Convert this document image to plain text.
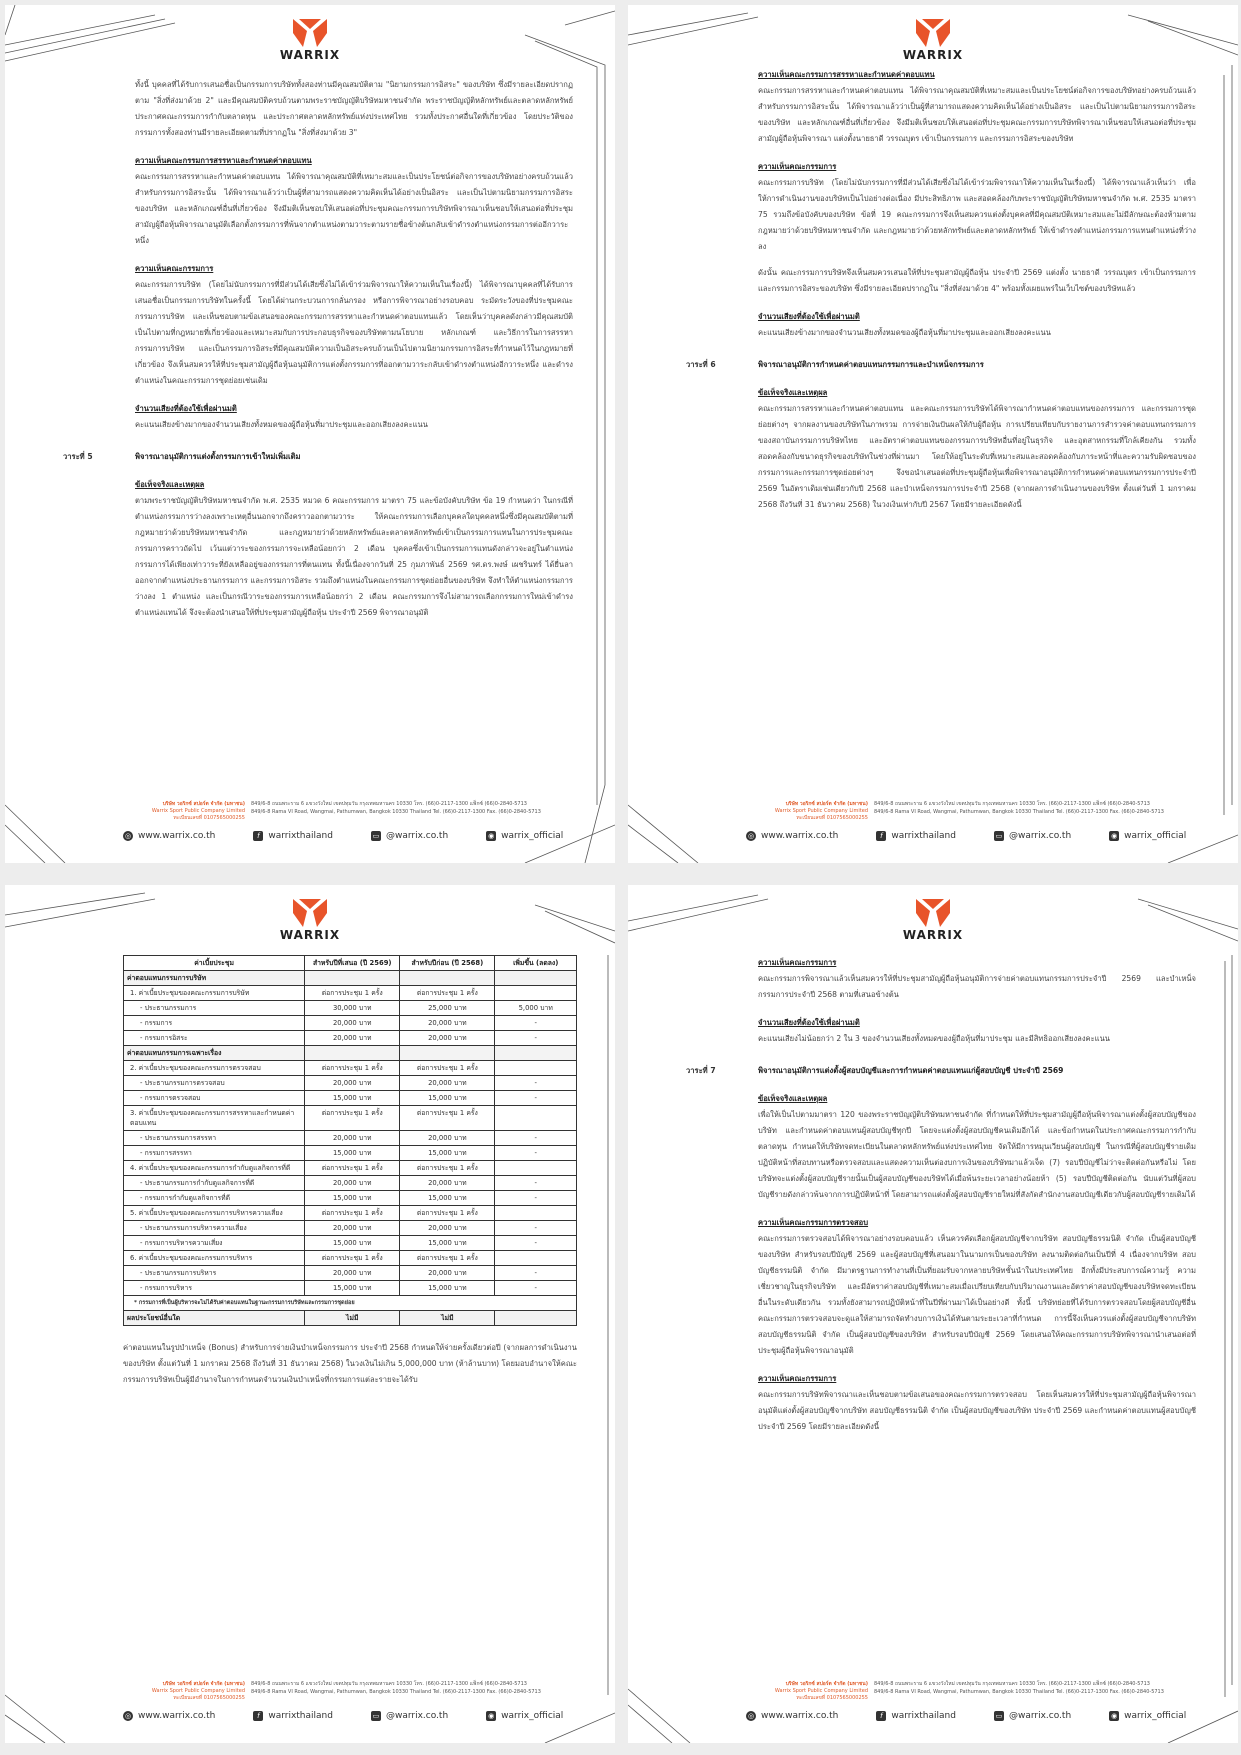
WARRIX

ทั้งนี้ บุคคลที่ได้รับการเสนอชื่อเป็นกรรมการบริษัททั้งสองท่านมีคุณสมบัติตาม "นิยามกรรมการอิสระ" ของบริษัท ซึ่งมีรายละเอียดปรากฏตาม "สิ่งที่ส่งมาด้วย 2" และมีคุณสมบัติครบถ้วนตามพระราชบัญญัติบริษัทมหาชนจำกัด พระราชบัญญัติหลักทรัพย์และตลาดหลักทรัพย์ ประกาศคณะกรรมการกำกับตลาดทุน และประกาศตลาดหลักทรัพย์แห่งประเทศไทย รวมทั้งประกาศอื่นใดที่เกี่ยวข้อง โดยประวัติของกรรมการทั้งสองท่านมีรายละเอียดตามที่ปรากฏใน "สิ่งที่ส่งมาด้วย 3"

ความเห็นคณะกรรมการสรรหาและกำหนดค่าตอบแทน

คณะกรรมการสรรหาและกำหนดค่าตอบแทน ได้พิจารณาคุณสมบัติที่เหมาะสมและเป็นประโยชน์ต่อกิจการของบริษัทอย่างครบถ้วนแล้ว สำหรับกรรมการอิสระนั้น ได้พิจารณาแล้วว่าเป็นผู้ที่สามารถแสดงความคิดเห็นได้อย่างเป็นอิสระ และเป็นไปตามนิยามกรรมการอิสระของบริษัท และหลักเกณฑ์อื่นที่เกี่ยวข้อง จึงมีมติเห็นชอบให้เสนอต่อที่ประชุมคณะกรรมการบริษัทพิจารณาเห็นชอบให้เสนอต่อที่ประชุมสามัญผู้ถือหุ้นพิจารณาอนุมัติเลือกตั้งกรรมการที่พ้นจากตำแหน่งตามวาระตามรายชื่อข้างต้นกลับเข้าดำรงตำแหน่งกรรมการต่ออีกวาระหนึ่ง

ความเห็นคณะกรรมการ

คณะกรรมการบริษัท (โดยไม่นับกรรมการที่มีส่วนได้เสียซึ่งไม่ได้เข้าร่วมพิจารณาให้ความเห็นในเรื่องนี้) ได้พิจารณาบุคคลที่ได้รับการเสนอชื่อเป็นกรรมการบริษัทในครั้งนี้ โดยได้ผ่านกระบวนการกลั่นกรอง หรือการพิจารณาอย่างรอบคอบ ระมัดระวังของที่ประชุมคณะกรรมการบริษัท และเห็นชอบตามข้อเสนอของคณะกรรมการสรรหาและกำหนดค่าตอบแทนแล้ว โดยเห็นว่าบุคคลดังกล่าวมีคุณสมบัติเป็นไปตามที่กฎหมายที่เกี่ยวข้องและเหมาะสมกับการประกอบธุรกิจของบริษัทตามนโยบาย หลักเกณฑ์ และวิธีการในการสรรหากรรมการบริษัท และเป็นกรรมการอิสระที่มีคุณสมบัติความเป็นอิสระครบถ้วนเป็นไปตามนิยามกรรมการอิสระที่กำหนดไว้ในกฎหมายที่เกี่ยวข้อง จึงเห็นสมควรให้ที่ประชุมสามัญผู้ถือหุ้นอนุมัติการแต่งตั้งกรรมการที่ออกตามวาระกลับเข้าดำรงตำแหน่งอีกวาระหนึ่ง และดำรงตำแหน่งในคณะกรรมการชุดย่อยเช่นเดิม

จำนวนเสียงที่ต้องใช้เพื่อผ่านมติ

คะแนนเสียงข้างมากของจำนวนเสียงทั้งหมดของผู้ถือหุ้นที่มาประชุมและออกเสียงลงคะแนน

วาระที่ 5	พิจารณาอนุมัติการแต่งตั้งกรรมการเข้าใหม่เพิ่มเติม
ข้อเท็จจริงและเหตุผล

ตามพระราชบัญญัติบริษัทมหาชนจำกัด พ.ศ. 2535 หมวด 6 คณะกรรมการ มาตรา 75 และข้อบังคับบริษัท ข้อ 19 กำหนดว่า ในกรณีที่ตำแหน่งกรรมการว่างลงเพราะเหตุอื่นนอกจากถึงคราวออกตามวาระ ให้คณะกรรมการเลือกบุคคลใดบุคคลหนึ่งซึ่งมีคุณสมบัติตามที่กฎหมายว่าด้วยบริษัทมหาชนจำกัด และกฎหมายว่าด้วยหลักทรัพย์และตลาดหลักทรัพย์เข้าเป็นกรรมการแทนในการประชุมคณะกรรมการคราวถัดไป เว้นแต่วาระของกรรมการจะเหลือน้อยกว่า 2 เดือน บุคคลซึ่งเข้าเป็นกรรมการแทนดังกล่าวจะอยู่ในตำแหน่งกรรมการได้เพียงเท่าวาระที่ยังเหลืออยู่ของกรรมการที่ตนแทน ทั้งนี้เนื่องจากวันที่ 25 กุมภาพันธ์ 2569 รศ.ดร.พงษ์ เผชรินทร์ ได้ยื่นลาออกจากตำแหน่งประธานกรรมการ และกรรมการอิสระ รวมถึงตำแหน่งในคณะกรรมการชุดย่อยอื่นของบริษัท จึงทำให้ตำแหน่งกรรมการว่างลง 1 ตำแหน่ง และเป็นกรณีวาระของกรรมการเหลือน้อยกว่า 2 เดือน คณะกรรมการจึงไม่สามารถเลือกกรรมการใหม่เข้าดำรงตำแหน่งแทนได้ จึงจะต้องนำเสนอให้ที่ประชุมสามัญผู้ถือหุ้น ประจำปี 2569 พิจารณาอนุมัติ

บริษัท วอริกซ์ สปอร์ต จำกัด (มหาชน)
Warrix Sport Public Company Limited
ทะเบียนเลขที่ 0107565000255
849/6-8 ถนนพระราม 6 แขวงวังใหม่ เขตปทุมวัน กรุงเทพมหานคร 10330 โทร. (66)0-2117-1300 แฟ็กซ์ (66)0-2840-5713
849/6-8 Rama VI Road, Wangmai, Pathumwan, Bangkok 10330 Thailand Tel. (66)0-2117-1300 Fax. (66)0-2840-5713
◎ www.warrix.co.th	f warrixthailand	▭ @warrix.co.th	◉ warrix_official
WARRIX
ความเห็นคณะกรรมการสรรหาและกำหนดค่าตอบแทน

คณะกรรมการสรรหาและกำหนดค่าตอบแทน ได้พิจารณาคุณสมบัติที่เหมาะสมและเป็นประโยชน์ต่อกิจการของบริษัทอย่างครบถ้วนแล้ว สำหรับกรรมการอิสระนั้น ได้พิจารณาแล้วว่าเป็นผู้ที่สามารถแสดงความคิดเห็นได้อย่างเป็นอิสระ และเป็นไปตามนิยามกรรมการอิสระของบริษัท และหลักเกณฑ์อื่นที่เกี่ยวข้อง จึงมีมติเห็นชอบให้เสนอต่อที่ประชุมคณะกรรมการบริษัทพิจารณาเห็นชอบให้เสนอต่อที่ประชุมสามัญผู้ถือหุ้นพิจารณา แต่งตั้งนายธาดี วรรณบุตร เข้าเป็นกรรมการ และกรรมการอิสระของบริษัท

ความเห็นคณะกรรมการ

คณะกรรมการบริษัท (โดยไม่นับกรรมการที่มีส่วนได้เสียซึ่งไม่ได้เข้าร่วมพิจารณาให้ความเห็นในเรื่องนี้) ได้พิจารณาแล้วเห็นว่า เพื่อให้การดำเนินงานของบริษัทเป็นไปอย่างต่อเนื่อง มีประสิทธิภาพ และสอดคล้องกับพระราชบัญญัติบริษัทมหาชนจำกัด พ.ศ. 2535 มาตรา 75 รวมถึงข้อบังคับของบริษัท ข้อที่ 19 คณะกรรมการจึงเห็นสมควรแต่งตั้งบุคคลที่มีคุณสมบัติเหมาะสมและไม่มีลักษณะต้องห้ามตามกฎหมายว่าด้วยบริษัทมหาชนจำกัด และกฎหมายว่าด้วยหลักทรัพย์และตลาดหลักทรัพย์ ให้เข้าดำรงตำแหน่งกรรมการแทนตำแหน่งที่ว่างลง

ดังนั้น คณะกรรมการบริษัทจึงเห็นสมควรเสนอให้ที่ประชุมสามัญผู้ถือหุ้น ประจำปี 2569 แต่งตั้ง นายธาดี วรรณบุตร เข้าเป็นกรรมการ และกรรมการอิสระของบริษัท ซึ่งมีรายละเอียดปรากฏใน "สิ่งที่ส่งมาด้วย 4" พร้อมทั้งเผยแพร่ในเว็บไซต์ของบริษัทแล้ว

จำนวนเสียงที่ต้องใช้เพื่อผ่านมติ

คะแนนเสียงข้างมากของจำนวนเสียงทั้งหมดของผู้ถือหุ้นที่มาประชุมและออกเสียงลงคะแนน

วาระที่ 6	พิจารณาอนุมัติการกำหนดค่าตอบแทนกรรมการและบำเหน็จกรรมการ
ข้อเท็จจริงและเหตุผล

คณะกรรมการสรรหาและกำหนดค่าตอบแทน และคณะกรรมการบริษัทได้พิจารณากำหนดค่าตอบแทนของกรรมการ และกรรมการชุดย่อยต่างๆ จากผลงานของบริษัทในภาพรวม การจ่ายเงินปันผลให้กับผู้ถือหุ้น การเปรียบเทียบกับรายงานการสำรวจค่าตอบแทนกรรมการของสถาบันกรรมการบริษัทไทย และอัตราค่าตอบแทนของกรรมการบริษัทอื่นที่อยู่ในธุรกิจ และอุตสาหกรรมที่ใกล้เคียงกัน รวมทั้งสอดคล้องกับขนาดธุรกิจของบริษัทในช่วงที่ผ่านมา โดยให้อยู่ในระดับที่เหมาะสมและสอดคล้องกับภาระหน้าที่และความรับผิดชอบของกรรมการและกรรมการชุดย่อยต่างๆ จึงขอนำเสนอต่อที่ประชุมผู้ถือหุ้นเพื่อพิจารณาอนุมัติการกำหนดค่าตอบแทนกรรมการประจำปี 2569 ในอัตราเดิมเช่นเดียวกับปี 2568 และบำเหน็จกรรมการประจำปี 2568 (จากผลการดำเนินงานของบริษัท ตั้งแต่วันที่ 1 มกราคม 2568 ถึงวันที่ 31 ธันวาคม 2568) ในวงเงินเท่ากับปี 2567 โดยมีรายละเอียดดังนี้

บริษัท วอริกซ์ สปอร์ต จำกัด (มหาชน)
Warrix Sport Public Company Limited
ทะเบียนเลขที่ 0107565000255
849/6-8 ถนนพระราม 6 แขวงวังใหม่ เขตปทุมวัน กรุงเทพมหานคร 10330 โทร. (66)0-2117-1300 แฟ็กซ์ (66)0-2840-5713
849/6-8 Rama VI Road, Wangmai, Pathumwan, Bangkok 10330 Thailand Tel. (66)0-2117-1300 Fax. (66)0-2840-5713
◎ www.warrix.co.th	f warrixthailand	▭ @warrix.co.th	◉ warrix_official
WARRIX
ค่าเบี้ยประชุม	สำหรับปีที่เสนอ (ปี 2569)	สำหรับปีก่อน (ปี 2568)	เพิ่มขึ้น (ลดลง)
ค่าตอบแทนกรรมการบริษัท			
1. ค่าเบี้ยประชุมของคณะกรรมการบริษัท	ต่อการประชุม 1 ครั้ง	ต่อการประชุม 1 ครั้ง	
- ประธานกรรมการ	30,000 บาท	25,000 บาท	5,000 บาท
- กรรมการ	20,000 บาท	20,000 บาท	-
- กรรมการอิสระ	20,000 บาท	20,000 บาท	-
ค่าตอบแทนกรรมการเฉพาะเรื่อง			
2. ค่าเบี้ยประชุมของคณะกรรมการตรวจสอบ	ต่อการประชุม 1 ครั้ง	ต่อการประชุม 1 ครั้ง	
- ประธานกรรมการตรวจสอบ	20,000 บาท	20,000 บาท	-
- กรรมการตรวจสอบ	15,000 บาท	15,000 บาท	-
3. ค่าเบี้ยประชุมของคณะกรรมการสรรหาและกำหนดค่าตอบแทน	ต่อการประชุม 1 ครั้ง	ต่อการประชุม 1 ครั้ง	
- ประธานกรรมการสรรหา	20,000 บาท	20,000 บาท	-
- กรรมการสรรหา	15,000 บาท	15,000 บาท	-
4. ค่าเบี้ยประชุมของคณะกรรมการกำกับดูแลกิจการที่ดี	ต่อการประชุม 1 ครั้ง	ต่อการประชุม 1 ครั้ง	
- ประธานกรรมการกำกับดูแลกิจการที่ดี	20,000 บาท	20,000 บาท	-
- กรรมการกำกับดูแลกิจการที่ดี	15,000 บาท	15,000 บาท	-
5. ค่าเบี้ยประชุมของคณะกรรมการบริหารความเสี่ยง	ต่อการประชุม 1 ครั้ง	ต่อการประชุม 1 ครั้ง	
- ประธานกรรมการบริหารความเสี่ยง	20,000 บาท	20,000 บาท	-
- กรรมการบริหารความเสี่ยง	15,000 บาท	15,000 บาท	-
6. ค่าเบี้ยประชุมของคณะกรรมการบริหาร	ต่อการประชุม 1 ครั้ง	ต่อการประชุม 1 ครั้ง	
- ประธานกรรมการบริหาร	20,000 บาท	20,000 บาท	-
- กรรมการบริหาร	15,000 บาท	15,000 บาท	-
* กรรมการที่เป็นผู้บริหารจะไม่ได้รับค่าตอบแทนในฐานะกรรมการบริษัทและกรรมการชุดย่อย			
ผลประโยชน์อื่นใด	ไม่มี	ไม่มี	

ค่าตอบแทนในรูปบำเหน็จ (Bonus) สำหรับการจ่ายเงินบำเหน็จกรรมการ ประจำปี 2568 กำหนดให้จ่ายครั้งเดียวต่อปี (จากผลการดำเนินงานของบริษัท ตั้งแต่วันที่ 1 มกราคม 2568 ถึงวันที่ 31 ธันวาคม 2568) ในวงเงินไม่เกิน 5,000,000 บาท (ห้าล้านบาท) โดยมอบอำนาจให้คณะกรรมการบริษัทเป็นผู้มีอำนาจในการกำหนดจำนวนเงินบำเหน็จที่กรรมการแต่ละรายจะได้รับ

บริษัท วอริกซ์ สปอร์ต จำกัด (มหาชน)
Warrix Sport Public Company Limited
ทะเบียนเลขที่ 0107565000255
849/6-8 ถนนพระราม 6 แขวงวังใหม่ เขตปทุมวัน กรุงเทพมหานคร 10330 โทร. (66)0-2117-1300 แฟ็กซ์ (66)0-2840-5713
849/6-8 Rama VI Road, Wangmai, Pathumwan, Bangkok 10330 Thailand Tel. (66)0-2117-1300 Fax. (66)0-2840-5713
◎ www.warrix.co.th	f warrixthailand	▭ @warrix.co.th	◉ warrix_official
WARRIX
ความเห็นคณะกรรมการ

คณะกรรมการพิจารณาแล้วเห็นสมควรให้ที่ประชุมสามัญผู้ถือหุ้นอนุมัติการจ่ายค่าตอบแทนกรรมการประจำปี 2569 และบำเหน็จกรรมการประจำปี 2568 ตามที่เสนอข้างต้น

จำนวนเสียงที่ต้องใช้เพื่อผ่านมติ

คะแนนเสียงไม่น้อยกว่า 2 ใน 3 ของจำนวนเสียงทั้งหมดของผู้ถือหุ้นที่มาประชุม และมีสิทธิออกเสียงลงคะแนน

วาระที่ 7	พิจารณาอนุมัติการแต่งตั้งผู้สอบบัญชีและการกำหนดค่าตอบแทนแก่ผู้สอบบัญชี ประจำปี 2569
ข้อเท็จจริงและเหตุผล

เพื่อให้เป็นไปตามมาตรา 120 ของพระราชบัญญัติบริษัทมหาชนจำกัด ที่กำหนดให้ที่ประชุมสามัญผู้ถือหุ้นพิจารณาแต่งตั้งผู้สอบบัญชีของบริษัท และกำหนดค่าตอบแทนผู้สอบบัญชีทุกปี โดยจะแต่งตั้งผู้สอบบัญชีคนเดิมอีกได้ และข้อกำหนดในประกาศคณะกรรมการกำกับตลาดทุน กำหนดให้บริษัทจดทะเบียนในตลาดหลักทรัพย์แห่งประเทศไทย จัดให้มีการหมุนเวียนผู้สอบบัญชี ในกรณีที่ผู้สอบบัญชีรายเดิมปฏิบัติหน้าที่สอบทานหรือตรวจสอบและแสดงความเห็นต่องบการเงินของบริษัทมาแล้วเจ็ด (7) รอบปีบัญชีไม่ว่าจะติดต่อกันหรือไม่ โดยบริษัทจะแต่งตั้งผู้สอบบัญชีรายนั้นเป็นผู้สอบบัญชีของบริษัทได้เมื่อพ้นระยะเวลาอย่างน้อยห้า (5) รอบปีบัญชีติดต่อกัน นับแต่วันที่ผู้สอบบัญชีรายดังกล่าวพ้นจากการปฏิบัติหน้าที่ โดยสามารถแต่งตั้งผู้สอบบัญชีรายใหม่ที่สังกัดสำนักงานสอบบัญชีเดียวกับผู้สอบบัญชีรายเดิมได้

ความเห็นคณะกรรมการตรวจสอบ

คณะกรรมการตรวจสอบได้พิจารณาอย่างรอบคอบแล้ว เห็นควรคัดเลือกผู้สอบบัญชีจากบริษัท สอบบัญชีธรรมนิติ จำกัด เป็นผู้สอบบัญชีของบริษัท สำหรับรอบปีบัญชี 2569 และผู้สอบบัญชีที่เสนอมาในนามกรเป็นของบริษัท ลงนามติดต่อกันเป็นปีที่ 4 เนื่องจากบริษัท สอบบัญชีธรรมนิติ จำกัด มีมาตรฐานการทำงานที่เป็นที่ยอมรับจากหลายบริษัทชั้นนำในประเทศไทย อีกทั้งมีประสบการณ์ความรู้ ความเชี่ยวชาญในธุรกิจบริษัท และมีอัตราค่าสอบบัญชีที่เหมาะสมเมื่อเปรียบเทียบกับปริมาณงานและอัตราค่าสอบบัญชีของบริษัทจดทะเบียนอื่นในระดับเดียวกัน รวมทั้งยังสามารถปฏิบัติหน้าที่ในปีที่ผ่านมาได้เป็นอย่างดี ทั้งนี้ บริษัทย่อยที่ได้รับการตรวจสอบโดยผู้สอบบัญชีอื่น คณะกรรมการตรวจสอบจะดูแลให้สามารถจัดทำงบการเงินได้ทันตามระยะเวลาที่กำหนด การนี้จึงเห็นควรแต่งตั้งผู้สอบบัญชีจากบริษัท สอบบัญชีธรรมนิติ จำกัด เป็นผู้สอบบัญชีของบริษัท สำหรับรอบปีบัญชี 2569 โดยเสนอให้คณะกรรมการบริษัทพิจารณานำเสนอต่อที่ประชุมผู้ถือหุ้นพิจารณาอนุมัติ

ความเห็นคณะกรรมการ

คณะกรรมการบริษัทพิจารณาและเห็นชอบตามข้อเสนอของคณะกรรมการตรวจสอบ โดยเห็นสมควรให้ที่ประชุมสามัญผู้ถือหุ้นพิจารณาอนุมัติแต่งตั้งผู้สอบบัญชีจากบริษัท สอบบัญชีธรรมนิติ จำกัด เป็นผู้สอบบัญชีของบริษัท ประจำปี 2569 และกำหนดค่าตอบแทนผู้สอบบัญชีประจำปี 2569 โดยมีรายละเอียดดังนี้

บริษัท วอริกซ์ สปอร์ต จำกัด (มหาชน)
Warrix Sport Public Company Limited
ทะเบียนเลขที่ 0107565000255
849/6-8 ถนนพระราม 6 แขวงวังใหม่ เขตปทุมวัน กรุงเทพมหานคร 10330 โทร. (66)0-2117-1300 แฟ็กซ์ (66)0-2840-5713
849/6-8 Rama VI Road, Wangmai, Pathumwan, Bangkok 10330 Thailand Tel. (66)0-2117-1300 Fax. (66)0-2840-5713
◎ www.warrix.co.th	f warrixthailand	▭ @warrix.co.th	◉ warrix_official
